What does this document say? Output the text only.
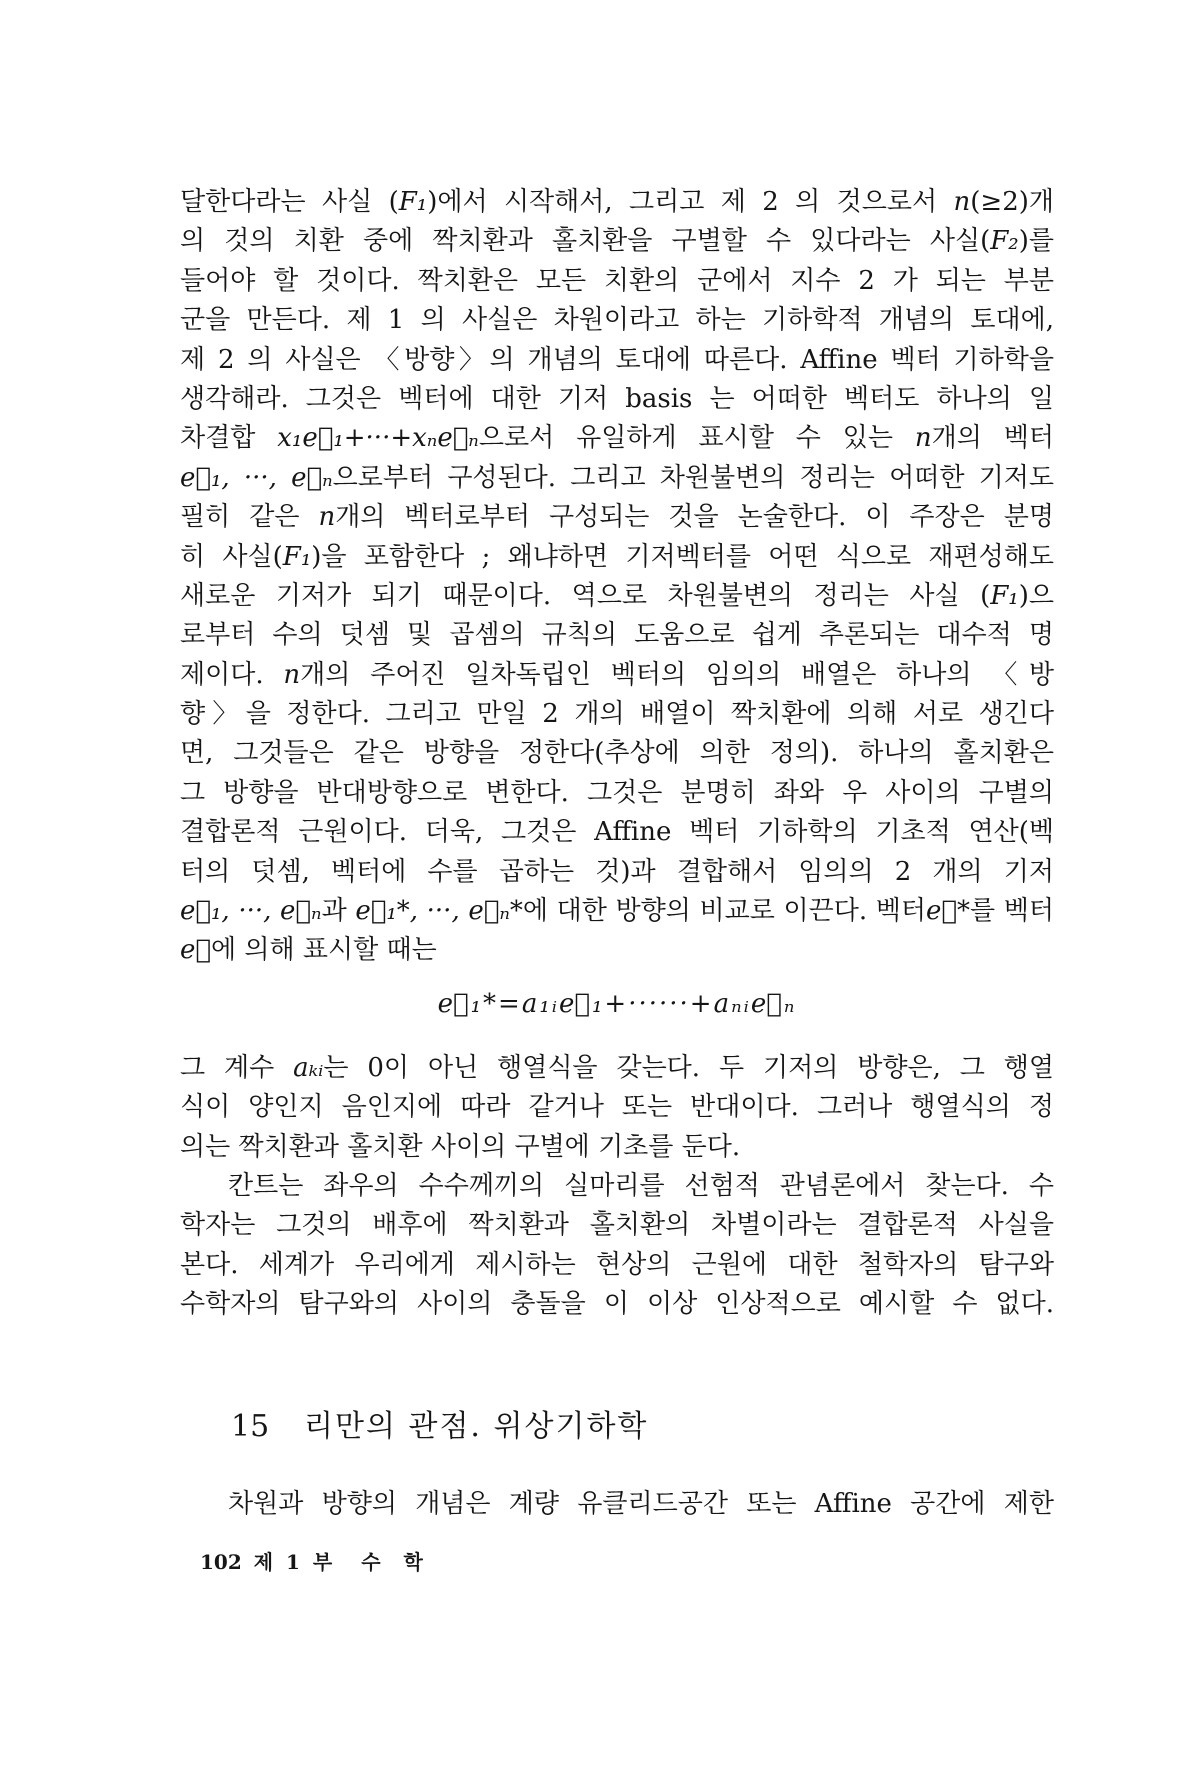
달한다라는 사실 (F₁)에서 시작해서, 그리고 제 2 의 것으로서 n(≥2)개
의 것의 치환 중에 짝치환과 홀치환을 구별할 수 있다라는 사실(F₂)를
들어야 할 것이다. 짝치환은 모든 치환의 군에서 지수 2 가 되는 부분
군을 만든다. 제 1 의 사실은 차원이라고 하는 기하학적 개념의 토대에,
제 2 의 사실은 〈방향〉의 개념의 토대에 따른다. Affine 벡터 기하학을
생각해라. 그것은 벡터에 대한 기저 basis 는 어떠한 벡터도 하나의 일
차결합 x₁e⃗₁+···+xₙe⃗ₙ으로서 유일하게 표시할 수 있는 n개의 벡터
e⃗₁, ···, e⃗ₙ으로부터 구성된다. 그리고 차원불변의 정리는 어떠한 기저도
필히 같은 n개의 벡터로부터 구성되는 것을 논술한다. 이 주장은 분명
히 사실(F₁)을 포함한다 ; 왜냐하면 기저벡터를 어떤 식으로 재편성해도
새로운 기저가 되기 때문이다. 역으로 차원불변의 정리는 사실 (F₁)으
로부터 수의 덧셈 및 곱셈의 규칙의 도움으로 쉽게 추론되는 대수적 명
제이다. n개의 주어진 일차독립인 벡터의 임의의 배열은 하나의 〈방
향〉을 정한다. 그리고 만일 2 개의 배열이 짝치환에 의해 서로 생긴다
면, 그것들은 같은 방향을 정한다(추상에 의한 정의). 하나의 홀치환은
그 방향을 반대방향으로 변한다. 그것은 분명히 좌와 우 사이의 구별의
결합론적 근원이다. 더욱, 그것은 Affine 벡터 기하학의 기초적 연산(벡
터의 덧셈, 벡터에 수를 곱하는 것)과 결합해서 임의의 2 개의 기저
e⃗₁, ···, e⃗ₙ과 e⃗₁*, ···, e⃗ₙ*에 대한 방향의 비교로 이끈다. 벡터e⃗*를 벡터
e⃗에 의해 표시할 때는
e⃗₁*=a₁ᵢe⃗₁+······+aₙᵢe⃗ₙ
그 계수 aₖᵢ는 0이 아닌 행열식을 갖는다. 두 기저의 방향은, 그 행열
식이 양인지 음인지에 따라 같거나 또는 반대이다. 그러나 행열식의 정
의는 짝치환과 홀치환 사이의 구별에 기초를 둔다.
칸트는 좌우의 수수께끼의 실마리를 선험적 관념론에서 찾는다. 수
학자는 그것의 배후에 짝치환과 홀치환의 차별이라는 결합론적 사실을
본다. 세계가 우리에게 제시하는 현상의 근원에 대한 철학자의 탐구와
수학자의 탐구와의 사이의 충돌을 이 이상 인상적으로 예시할 수 없다.
15 리만의 관점. 위상기하학
차원과 방향의 개념은 계량 유클리드공간 또는 Affine 공간에 제한
102 제 1 부 수 학
